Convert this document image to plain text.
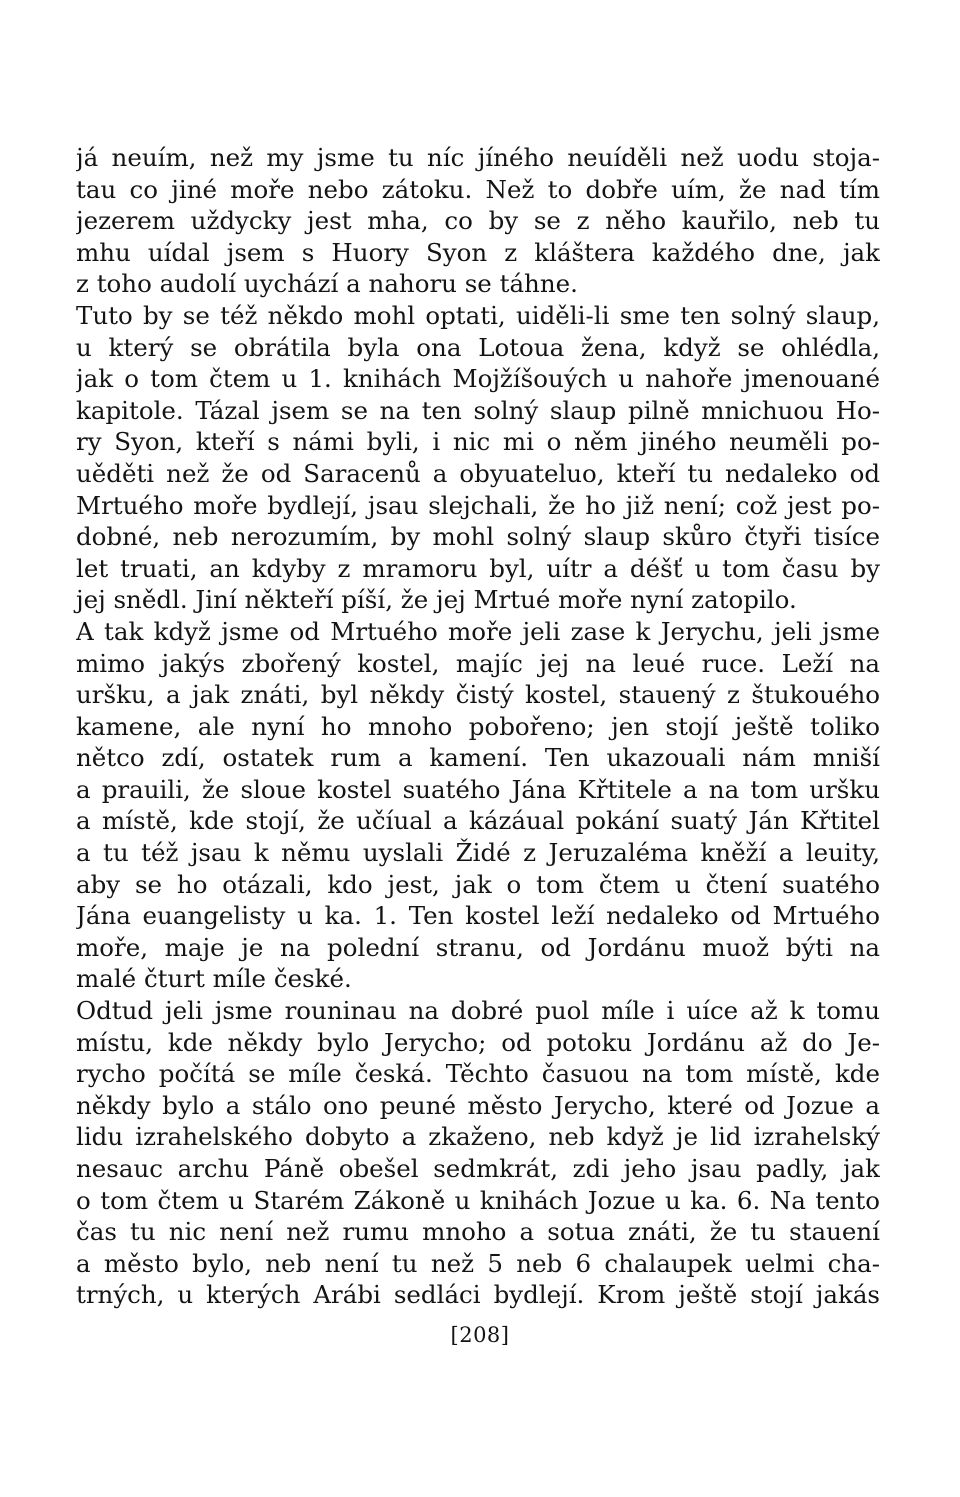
já neuím, než my jsme tu níc jíného neuíděli než uodu stoja-
tau co jiné moře nebo zátoku. Než to dobře uím, že nad tím
jezerem uždycky jest mha, co by se z něho kauřilo, neb tu
mhu uídal jsem s Huory Syon z kláštera každého dne, jak
z toho audolí uychází a nahoru se táhne.
Tuto by se též někdo mohl optati, uiděli-li sme ten solný slaup,
u který se obrátila byla ona Lotoua žena, když se ohlédla,
jak o tom čtem u 1. knihách Mojžíšouých u nahoře jmenouané
kapitole. Tázal jsem se na ten solný slaup pilně mnichuou Ho-
ry Syon, kteří s námi byli, i nic mi o něm jiného neuměli po-
uěděti než že od Saracenů a obyuateluo, kteří tu nedaleko od
Mrtuého moře bydlejí, jsau slejchali, že ho již není; což jest po-
dobné, neb nerozumím, by mohl solný slaup skůro čtyři tisíce
let truati, an kdyby z mramoru byl, uítr a déšť u tom času by
jej snědl. Jiní někteří píší, že jej Mrtué moře nyní zatopilo.
A tak když jsme od Mrtuého moře jeli zase k Jerychu, jeli jsme
mimo jakýs zbořený kostel, majíc jej na leué ruce. Leží na
uršku, a jak znáti, byl někdy čistý kostel, stauený z štukouého
kamene, ale nyní ho mnoho pobořeno; jen stojí ještě toliko
nětco zdí, ostatek rum a kamení. Ten ukazouali nám mniší
a prauili, že sloue kostel suatého Jána Křtitele a na tom uršku
a místě, kde stojí, že učíual a kázáual pokání suatý Ján Křtitel
a tu též jsau k němu uyslali Židé z Jeruzaléma kněží a leuity,
aby se ho otázali, kdo jest, jak o tom čtem u čtení suatého
Jána euangelisty u ka. 1. Ten kostel leží nedaleko od Mrtuého
moře, maje je na polední stranu, od Jordánu muož býti na
malé čturt míle české.
Odtud jeli jsme rouninau na dobré puol míle i uíce až k tomu
místu, kde někdy bylo Jerycho; od potoku Jordánu až do Je-
rycho počítá se míle česká. Těchto časuou na tom místě, kde
někdy bylo a stálo ono peuné město Jerycho, které od Jozue a
lidu izrahelského dobyto a zkaženo, neb když je lid izrahelský
nesauc archu Páně obešel sedmkrát, zdi jeho jsau padly, jak
o tom čtem u Starém Zákoně u knihách Jozue u ka. 6. Na tento
čas tu nic není než rumu mnoho a sotua znáti, že tu stauení
a město bylo, neb není tu než 5 neb 6 chalaupek uelmi cha-
trných, u kterých Arábi sedláci bydlejí. Krom ještě stojí jakás
[208]
